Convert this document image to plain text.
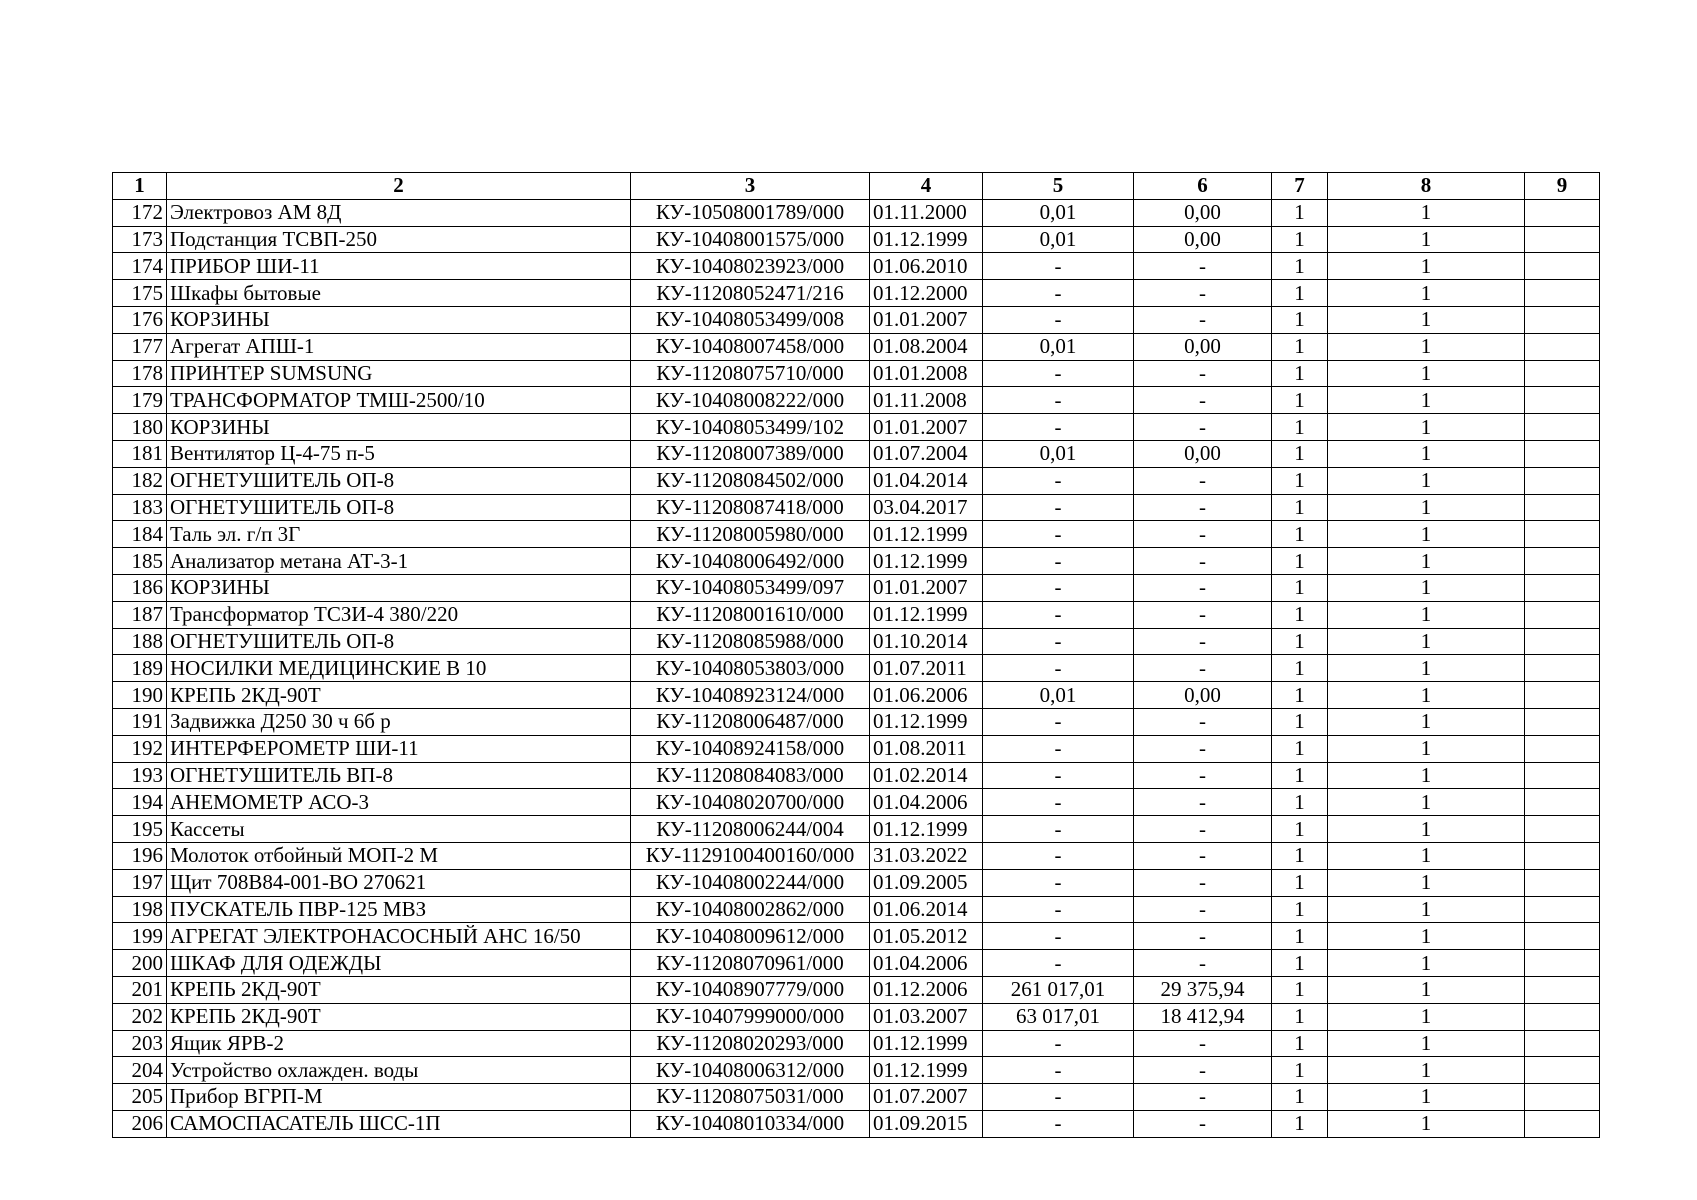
1	2	3	4	5	6	7	8	9
172	Электровоз АМ 8Д	КУ-10508001789/000	01.11.2000	0,01	0,00	1	1	
173	Подстанция ТСВП-250	КУ-10408001575/000	01.12.1999	0,01	0,00	1	1	
174	ПРИБОР ШИ-11	КУ-10408023923/000	01.06.2010	-	-	1	1	
175	Шкафы бытовые	КУ-11208052471/216	01.12.2000	-	-	1	1	
176	КОРЗИНЫ	КУ-10408053499/008	01.01.2007	-	-	1	1	
177	Агрегат АПШ-1	КУ-10408007458/000	01.08.2004	0,01	0,00	1	1	
178	ПРИНТЕР SUMSUNG	КУ-11208075710/000	01.01.2008	-	-	1	1	
179	ТРАНСФОРМАТОР ТМШ-2500/10	КУ-10408008222/000	01.11.2008	-	-	1	1	
180	КОРЗИНЫ	КУ-10408053499/102	01.01.2007	-	-	1	1	
181	Вентилятор Ц-4-75 п-5	КУ-11208007389/000	01.07.2004	0,01	0,00	1	1	
182	ОГНЕТУШИТЕЛЬ ОП-8	КУ-11208084502/000	01.04.2014	-	-	1	1	
183	ОГНЕТУШИТЕЛЬ ОП-8	КУ-11208087418/000	03.04.2017	-	-	1	1	
184	Таль эл. г/п 3Г	КУ-11208005980/000	01.12.1999	-	-	1	1	
185	Анализатор метана АТ-3-1	КУ-10408006492/000	01.12.1999	-	-	1	1	
186	КОРЗИНЫ	КУ-10408053499/097	01.01.2007	-	-	1	1	
187	Трансформатор ТСЗИ-4 380/220	КУ-11208001610/000	01.12.1999	-	-	1	1	
188	ОГНЕТУШИТЕЛЬ ОП-8	КУ-11208085988/000	01.10.2014	-	-	1	1	
189	НОСИЛКИ МЕДИЦИНСКИЕ В 10	КУ-10408053803/000	01.07.2011	-	-	1	1	
190	КРЕПЬ 2КД-90Т	КУ-10408923124/000	01.06.2006	0,01	0,00	1	1	
191	Задвижка Д250 30 ч 6б р	КУ-11208006487/000	01.12.1999	-	-	1	1	
192	ИНТЕРФЕРОМЕТР ШИ-11	КУ-10408924158/000	01.08.2011	-	-	1	1	
193	ОГНЕТУШИТЕЛЬ ВП-8	КУ-11208084083/000	01.02.2014	-	-	1	1	
194	АНЕМОМЕТР АСО-3	КУ-10408020700/000	01.04.2006	-	-	1	1	
195	Кассеты	КУ-11208006244/004	01.12.1999	-	-	1	1	
196	Молоток отбойный МОП-2 М	КУ-1129100400160/000	31.03.2022	-	-	1	1	
197	Щит 708В84-001-ВО 270621	КУ-10408002244/000	01.09.2005	-	-	1	1	
198	ПУСКАТЕЛЬ ПВР-125 МВЗ	КУ-10408002862/000	01.06.2014	-	-	1	1	
199	АГРЕГАТ ЭЛЕКТРОНАСОСНЫЙ АНС 16/50	КУ-10408009612/000	01.05.2012	-	-	1	1	
200	ШКАФ ДЛЯ ОДЕЖДЫ	КУ-11208070961/000	01.04.2006	-	-	1	1	
201	КРЕПЬ 2КД-90Т	КУ-10408907779/000	01.12.2006	261 017,01	29 375,94	1	1	
202	КРЕПЬ 2КД-90Т	КУ-10407999000/000	01.03.2007	63 017,01	18 412,94	1	1	
203	Ящик ЯРВ-2	КУ-11208020293/000	01.12.1999	-	-	1	1	
204	Устройство охлажден. воды	КУ-10408006312/000	01.12.1999	-	-	1	1	
205	Прибор ВГРП-М	КУ-11208075031/000	01.07.2007	-	-	1	1	
206	САМОСПАСАТЕЛЬ ШСС-1П	КУ-10408010334/000	01.09.2015	-	-	1	1	
